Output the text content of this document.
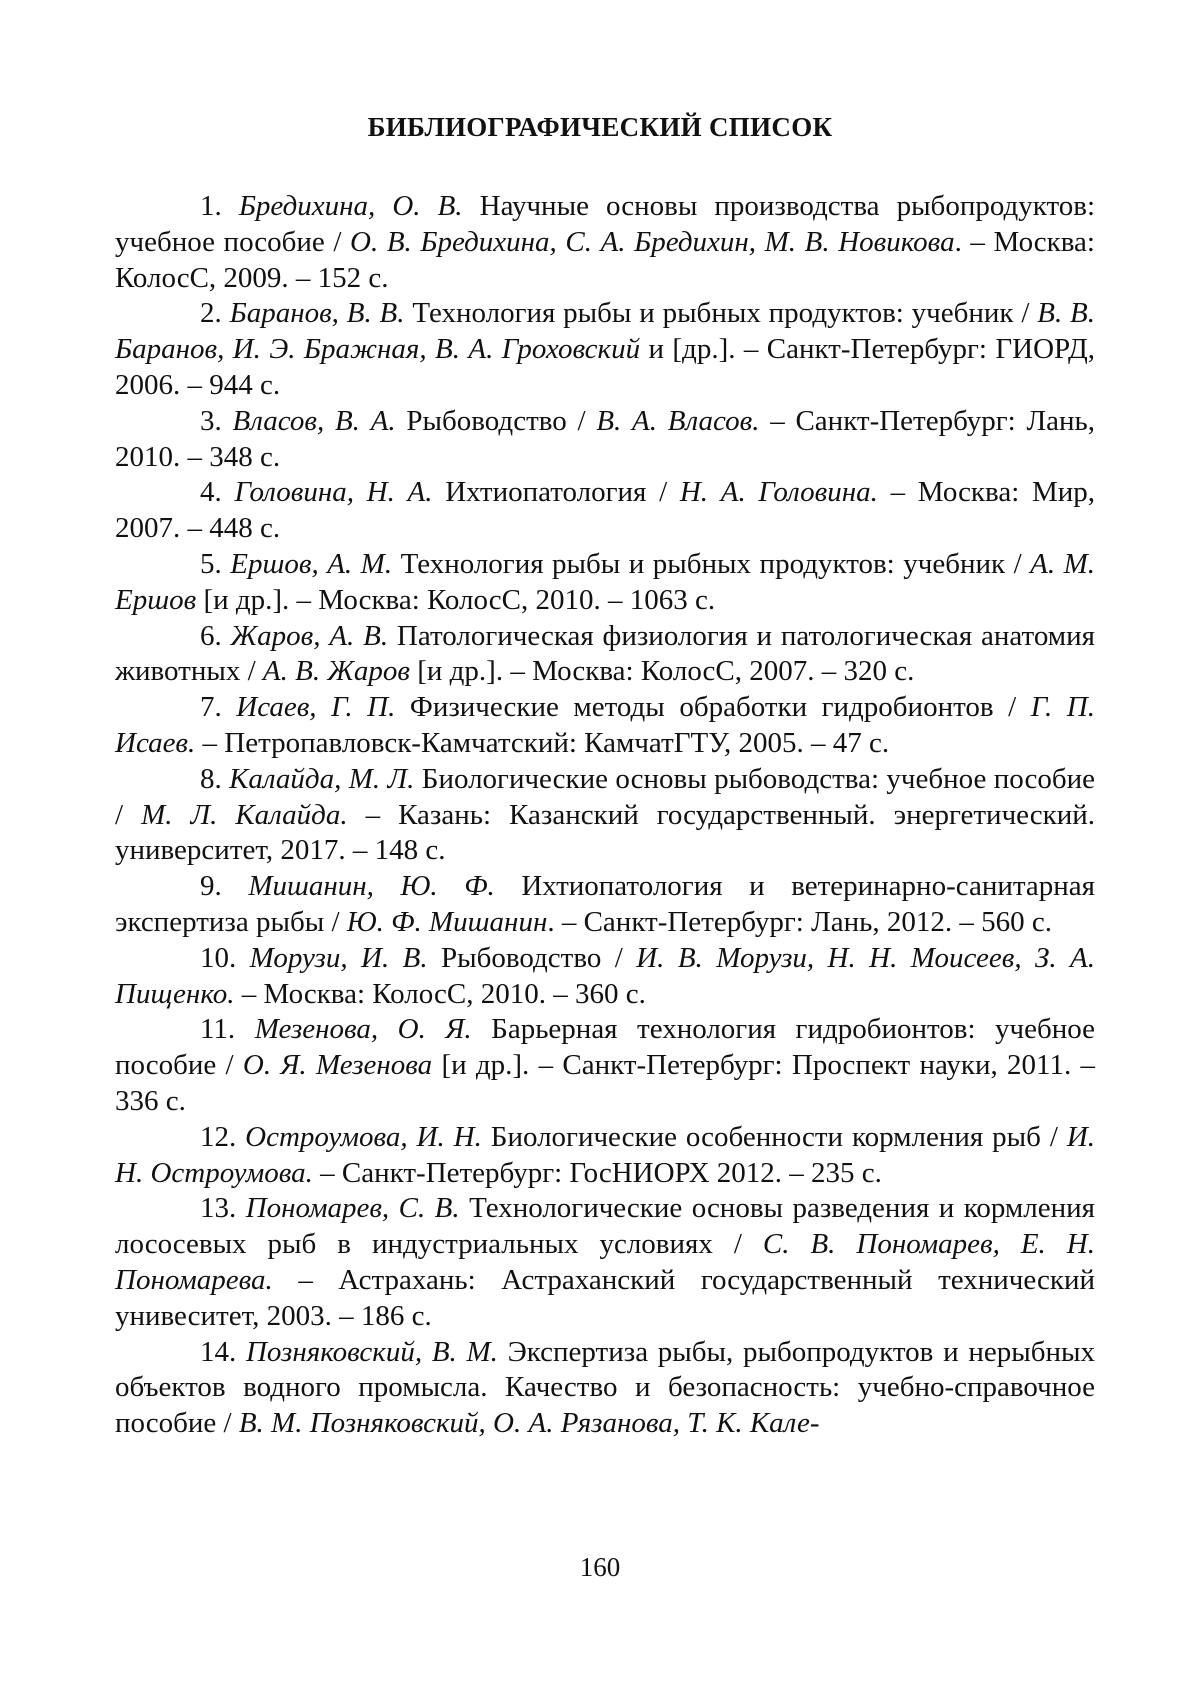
БИБЛИОГРАФИЧЕСКИЙ СПИСОК

1. Бредихина, О. В. Научные основы производства рыбопродуктов: учебное пособие / О. В. Бредихина, С. А. Бредихин, М. В. Новикова. – Москва: КолосС, 2009. – 152 с.

2. Баранов, В. В. Технология рыбы и рыбных продуктов: учебник / В. В. Баранов, И. Э. Бражная, В. А. Гроховский и [др.]. – Санкт-Петербург: ГИОРД, 2006. – 944 с.

3. Власов, В. А. Рыбоводство / В. А. Власов. – Санкт-Петербург: Лань, 2010. – 348 с.

4. Головина, Н. А. Ихтиопатология / Н. А. Головина. – Москва: Мир, 2007. – 448 с.

5. Ершов, А. М. Технология рыбы и рыбных продуктов: учебник / А. М. Ершов [и др.]. – Москва: КолосС, 2010. – 1063 с.

6. Жаров, А. В. Патологическая физиология и патологическая анатомия животных / А. В. Жаров [и др.]. – Москва: КолосС, 2007. – 320 с.

7. Исаев, Г. П. Физические методы обработки гидробионтов / Г. П. Исаев. – Петропавловск-Камчатский: КамчатГТУ, 2005. – 47 с.

8. Калайда, М. Л. Биологические основы рыбоводства: учебное пособие / М. Л. Калайда. – Казань: Казанский государственный. энергетический. университет, 2017. – 148 с.

9. Мишанин, Ю. Ф. Ихтиопатология и ветеринарно-санитарная экспертиза рыбы / Ю. Ф. Мишанин. – Санкт-Петербург: Лань, 2012. – 560 с.

10. Морузи, И. В. Рыбоводство / И. В. Морузи, Н. Н. Моисеев, З. А. Пищенко. – Москва: КолосС, 2010. – 360 с.

11. Мезенова, О. Я. Барьерная технология гидробионтов: учебное пособие / О. Я. Мезенова [и др.]. – Санкт-Петербург: Проспект науки, 2011. – 336 с.

12. Остроумова, И. Н. Биологические особенности кормления рыб / И. Н. Остроумова. – Санкт-Петербург: ГосНИОРХ 2012. – 235 с.

13. Пономарев, С. В. Технологические основы разведения и кормления лососевых рыб в индустриальных условиях / С. В. Пономарев, Е. Н. Пономарева. – Астрахань: Астраханский государственный технический унивеситет, 2003. – 186 с.

14. Позняковский, В. М. Экспертиза рыбы, рыбопродуктов и нерыбных объектов водного промысла. Качество и безопасность: учебно-справочное пособие / В. М. Позняковский, О. А. Рязанова, Т. К. Кале-

160
